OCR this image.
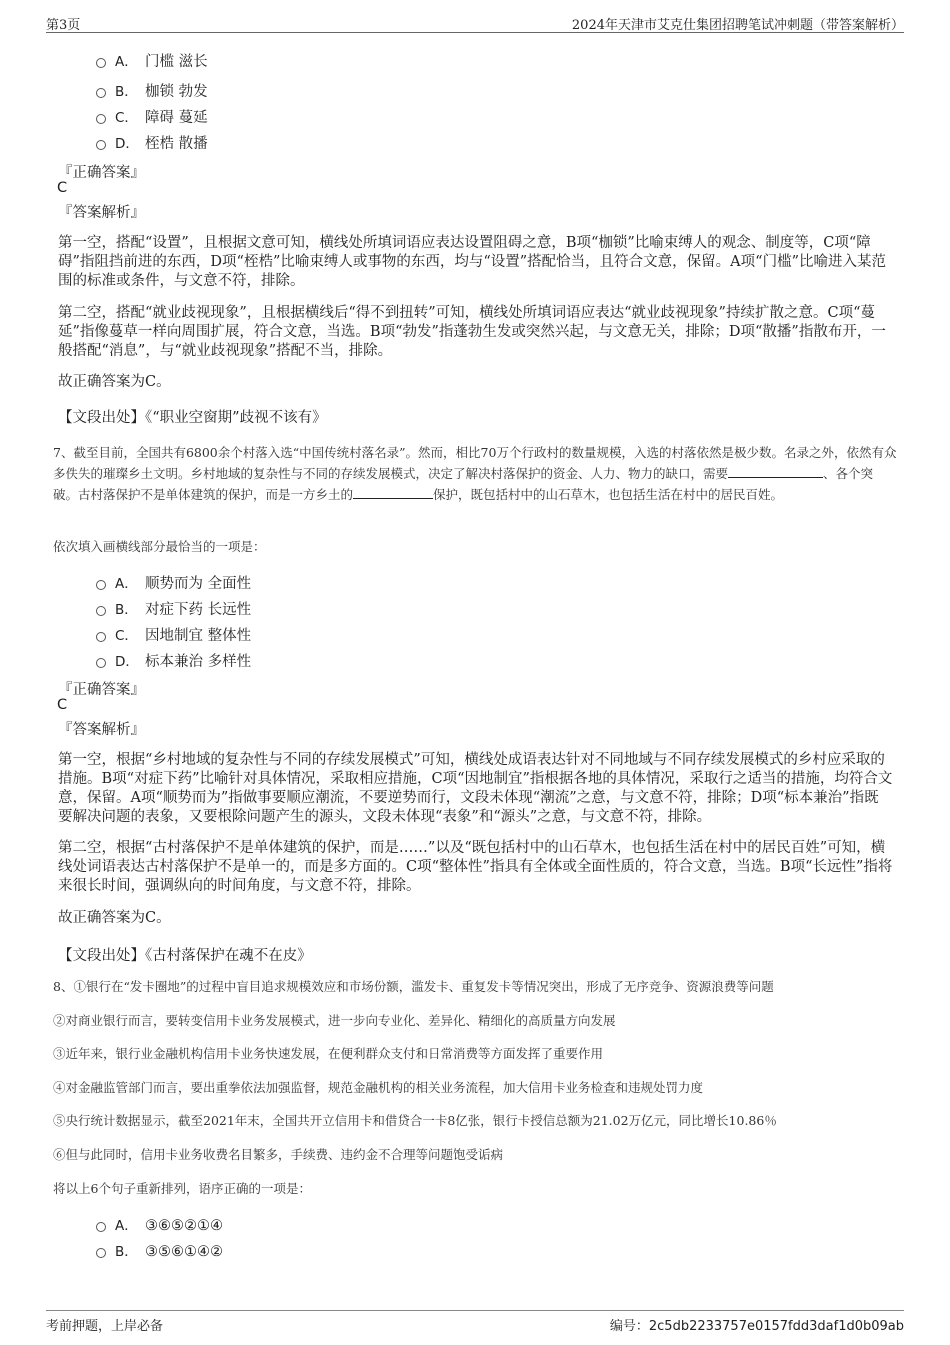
第3页	2024年天津市艾克仕集团招聘笔试冲刺题（带答案解析）
A． 门槛 滋长
B． 枷锁 勃发
C． 障碍 蔓延
D． 桎梏 散播
『正确答案』
C
『答案解析』
第一空，搭配“设置”，且根据文意可知，横线处所填词语应表达设置阻碍之意，B项“枷锁”比喻束缚人的观念、制度等，C项“障碍”指阻挡前进的东西，D项“桎梏”比喻束缚人或事物的东西，均与“设置”搭配恰当，且符合文意，保留。A项“门槛”比喻进入某范围的标准或条件，与文意不符，排除。
第二空，搭配“就业歧视现象”，且根据横线后“得不到扭转”可知，横线处所填词语应表达“就业歧视现象”持续扩散之意。C项“蔓延”指像蔓草一样向周围扩展，符合文意，当选。B项“勃发”指蓬勃生发或突然兴起，与文意无关，排除；D项“散播”指散布开，一般搭配“消息”，与“就业歧视现象”搭配不当，排除。
故正确答案为C。
【文段出处】《“职业空窗期”歧视不该有》
7、截至目前，全国共有6800余个村落入选“中国传统村落名录”。然而，相比70万个行政村的数量规模，入选的村落依然是极少数。名录之外，依然有众多佚失的璀璨乡土文明。乡村地域的复杂性与不同的存续发展模式，决定了解决村落保护的资金、人力、物力的缺口，需要	、各个突破。古村落保护不是单体建筑的保护，而是一方乡土的	保护，既包括村中的山石草木，也包括生活在村中的居民百姓。
依次填入画横线部分最恰当的一项是：
A． 顺势而为 全面性
B． 对症下药 长远性
C． 因地制宜 整体性
D． 标本兼治 多样性
『正确答案』
C
『答案解析』
第一空，根据“乡村地域的复杂性与不同的存续发展模式”可知，横线处成语表达针对不同地域与不同存续发展模式的乡村应采取的措施。B项“对症下药”比喻针对具体情况，采取相应措施，C项“因地制宜”指根据各地的具体情况，采取行之适当的措施，均符合文意，保留。A项“顺势而为”指做事要顺应潮流，不要逆势而行，文段未体现“潮流”之意，与文意不符，排除；D项“标本兼治”指既要解决问题的表象，又要根除问题产生的源头，文段未体现“表象”和“源头”之意，与文意不符，排除。
第二空，根据“古村落保护不是单体建筑的保护，而是……”以及“既包括村中的山石草木，也包括生活在村中的居民百姓”可知，横线处词语表达古村落保护不是单一的，而是多方面的。C项“整体性”指具有全体或全面性质的，符合文意，当选。B项“长远性”指将来很长时间，强调纵向的时间角度，与文意不符，排除。
故正确答案为C。
【文段出处】《古村落保护在魂不在皮》
8、①银行在“发卡圈地”的过程中盲目追求规模效应和市场份额，滥发卡、重复发卡等情况突出，形成了无序竞争、资源浪费等问题
②对商业银行而言，要转变信用卡业务发展模式，进一步向专业化、差异化、精细化的高质量方向发展
③近年来，银行业金融机构信用卡业务快速发展，在便利群众支付和日常消费等方面发挥了重要作用
④对金融监管部门而言，要出重拳依法加强监督，规范金融机构的相关业务流程，加大信用卡业务检查和违规处罚力度
⑤央行统计数据显示，截至2021年末，全国共开立信用卡和借贷合一卡8亿张，银行卡授信总额为21.02万亿元，同比增长10.86％
⑥但与此同时，信用卡业务收费名目繁多，手续费、违约金不合理等问题饱受诟病
将以上6个句子重新排列，语序正确的一项是：
A． ③⑥⑤②①④
B． ③⑤⑥①④②
考前押题，上岸必备	编号：2c5db2233757e0157fdd3daf1d0b09ab
